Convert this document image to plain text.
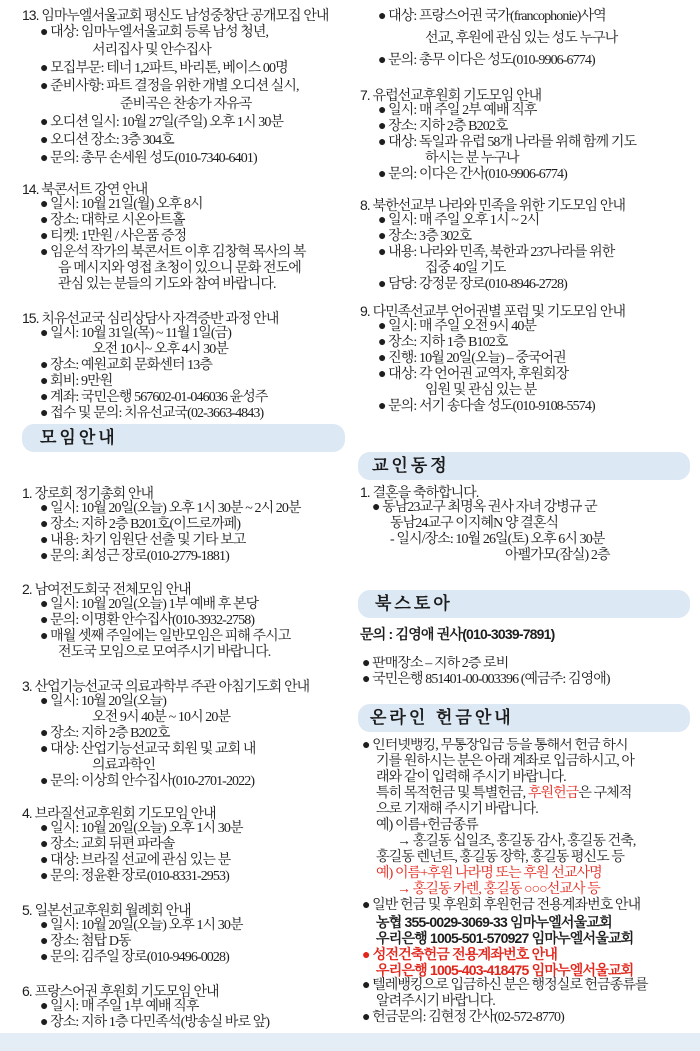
13. 임마누엘서울교회 평신도 남성중창단 공개모집 안내
● 대상: 임마누엘서울교회 등록 남성 청년,
서리집사 및 안수집사
● 모집부문: 테너 1,2파트, 바리톤, 베이스 00명
● 준비사항: 파트 결정을 위한 개별 오디션 실시,
준비곡은 찬송가 자유곡
● 오디션 일시: 10월 27일(주일) 오후 1시 30분
● 오디션 장소: 3층 304호
● 문의: 총무 손세원 성도(010-7340-6401)
14. 북콘서트 강연 안내
● 일시: 10월 21일(월) 오후 8시
● 장소: 대학로 시온아트홀
● 티켓: 1만원 / 사은품 증정
● 임운석 작가의 북콘서트 이후 김창혁 목사의 복
음 메시지와 영접 초청이 있으니 문화 전도에
관심 있는 분들의 기도와 참여 바랍니다.
15. 치유선교국 심리상담사 자격증반 과정 안내
● 일시: 10월 31일(목) ~ 11월 1일(금)
오전 10시~ 오후 4시 30분
● 장소: 예원교회 문화센터 13층
● 회비: 9만원
● 계좌: 국민은행 567602-01-046036 윤성주
● 접수 및 문의: 치유선교국(02-3663-4843)
모임안내
1. 장로회 정기총회 안내
● 일시: 10월 20일(오늘) 오후 1시 30분 ~ 2시 20분
● 장소: 지하 2층 B201호(이드로까페)
● 내용: 차기 임원단 선출 및 기타 보고
● 문의: 최성근 장로(010-2779-1881)
2. 남여전도회국 전체모임 안내
● 일시: 10월 20일(오늘) 1부 예배 후 본당
● 문의: 이명환 안수집사(010-3932-2758)
● 매월 셋째 주일에는 일반모임은 피해 주시고
전도국 모임으로 모여주시기 바랍니다.
3. 산업기능선교국 의료과학부 주관 아침기도회 안내
● 일시: 10월 20일(오늘)
오전 9시 40분 ~ 10시 20분
● 장소: 지하 2층 B202호
● 대상: 산업기능선교국 회원 및 교회 내
의료과학인
● 문의: 이상희 안수집사(010-2701-2022)
4. 브라질선교후원회 기도모임 안내
● 일시: 10월 20일(오늘) 오후 1시 30분
● 장소: 교회 뒤편 파라솔
● 대상: 브라질 선교에 관심 있는 분
● 문의: 정윤환 장로(010-8331-2953)
5. 일본선교후원회 월례회 안내
● 일시: 10월 20일(오늘) 오후 1시 30분
● 장소: 첨탑 D동
● 문의: 김주일 장로(010-9496-0028)
6. 프랑스어권 후원회 기도모임 안내
● 일시: 매 주일 1부 예배 직후
● 장소: 지하 1층 다민족석(방송실 바로 앞)
● 대상: 프랑스어권 국가(francophonie)사역
선교, 후원에 관심 있는 성도 누구나
● 문의: 총무 이다은 성도(010-9906-6774)
7. 유럽선교후원회 기도모임 안내
● 일시: 매 주일 2부 예배 직후
● 장소: 지하 2층 B202호
● 대상: 독일과 유럽 58개 나라를 위해 함께 기도
하시는 분 누구나
● 문의: 이다은 간사(010-9906-6774)
8. 북한선교부 나라와 민족을 위한 기도모임 안내
● 일시: 매 주일 오후 1시 ~ 2시
● 장소: 3층 302호
● 내용: 나라와 민족, 북한과 237나라를 위한
집중 40일 기도
● 담당: 강정문 장로(010-8946-2728)
9. 다민족선교부 언어권별 포럼 및 기도모임 안내
● 일시: 매 주일 오전 9시 40분
● 장소: 지하 1층 B102호
● 진행: 10월 20일(오늘) – 중국어권
● 대상: 각 언어권 교역자, 후원회장
임원 및 관심 있는 분
● 문의: 서기 송다솔 성도(010-9108-5574)
교인동정
1. 결혼을 축하합니다.
● 동남23교구 최명옥 권사 자녀 강병규 군
동남24교구 이지혜N 양 결혼식
- 일시/장소: 10월 26일(토) 오후 6시 30분
아펠가모(잠실) 2층
북스토아
문의 : 김영애 권사(010-3039-7891)
● 판매장소 – 지하 2층 로비
● 국민은행 851401-00-003396 (예금주: 김영애)
온라인 헌금안내
● 인터넷뱅킹, 무통장입금 등을 통해서 헌금 하시
기를 원하시는 분은 아래 계좌로 입금하시고, 아
래와 같이 입력해 주시기 바랍니다.
특히 목적헌금 및 특별헌금, 후원헌금은 구체적
으로 기재해 주시기 바랍니다.
예) 이름+헌금종류
→ 홍길동 십일조, 홍길동 감사, 홍길동 건축,
홍길동 렌넌트, 홍길동 장학, 홍길동 평신도 등
예) 이름+후원 나라명 또는 후원 선교사명
→ 홍길동 카렌, 홍길동 ○○○선교사 등
● 일반 헌금 및 후원회 후원헌금 전용계좌번호 안내
농협 355-0029-3069-33 임마누엘서울교회
우리은행 1005-501-570927 임마누엘서울교회
● 성전건축헌금 전용계좌번호 안내
우리은행 1005-403-418475 임마누엘서울교회
● 텔레뱅킹으로 입금하신 분은 행정실로 헌금종류를
알려주시기 바랍니다.
● 헌금문의: 김현정 간사(02-572-8770)
